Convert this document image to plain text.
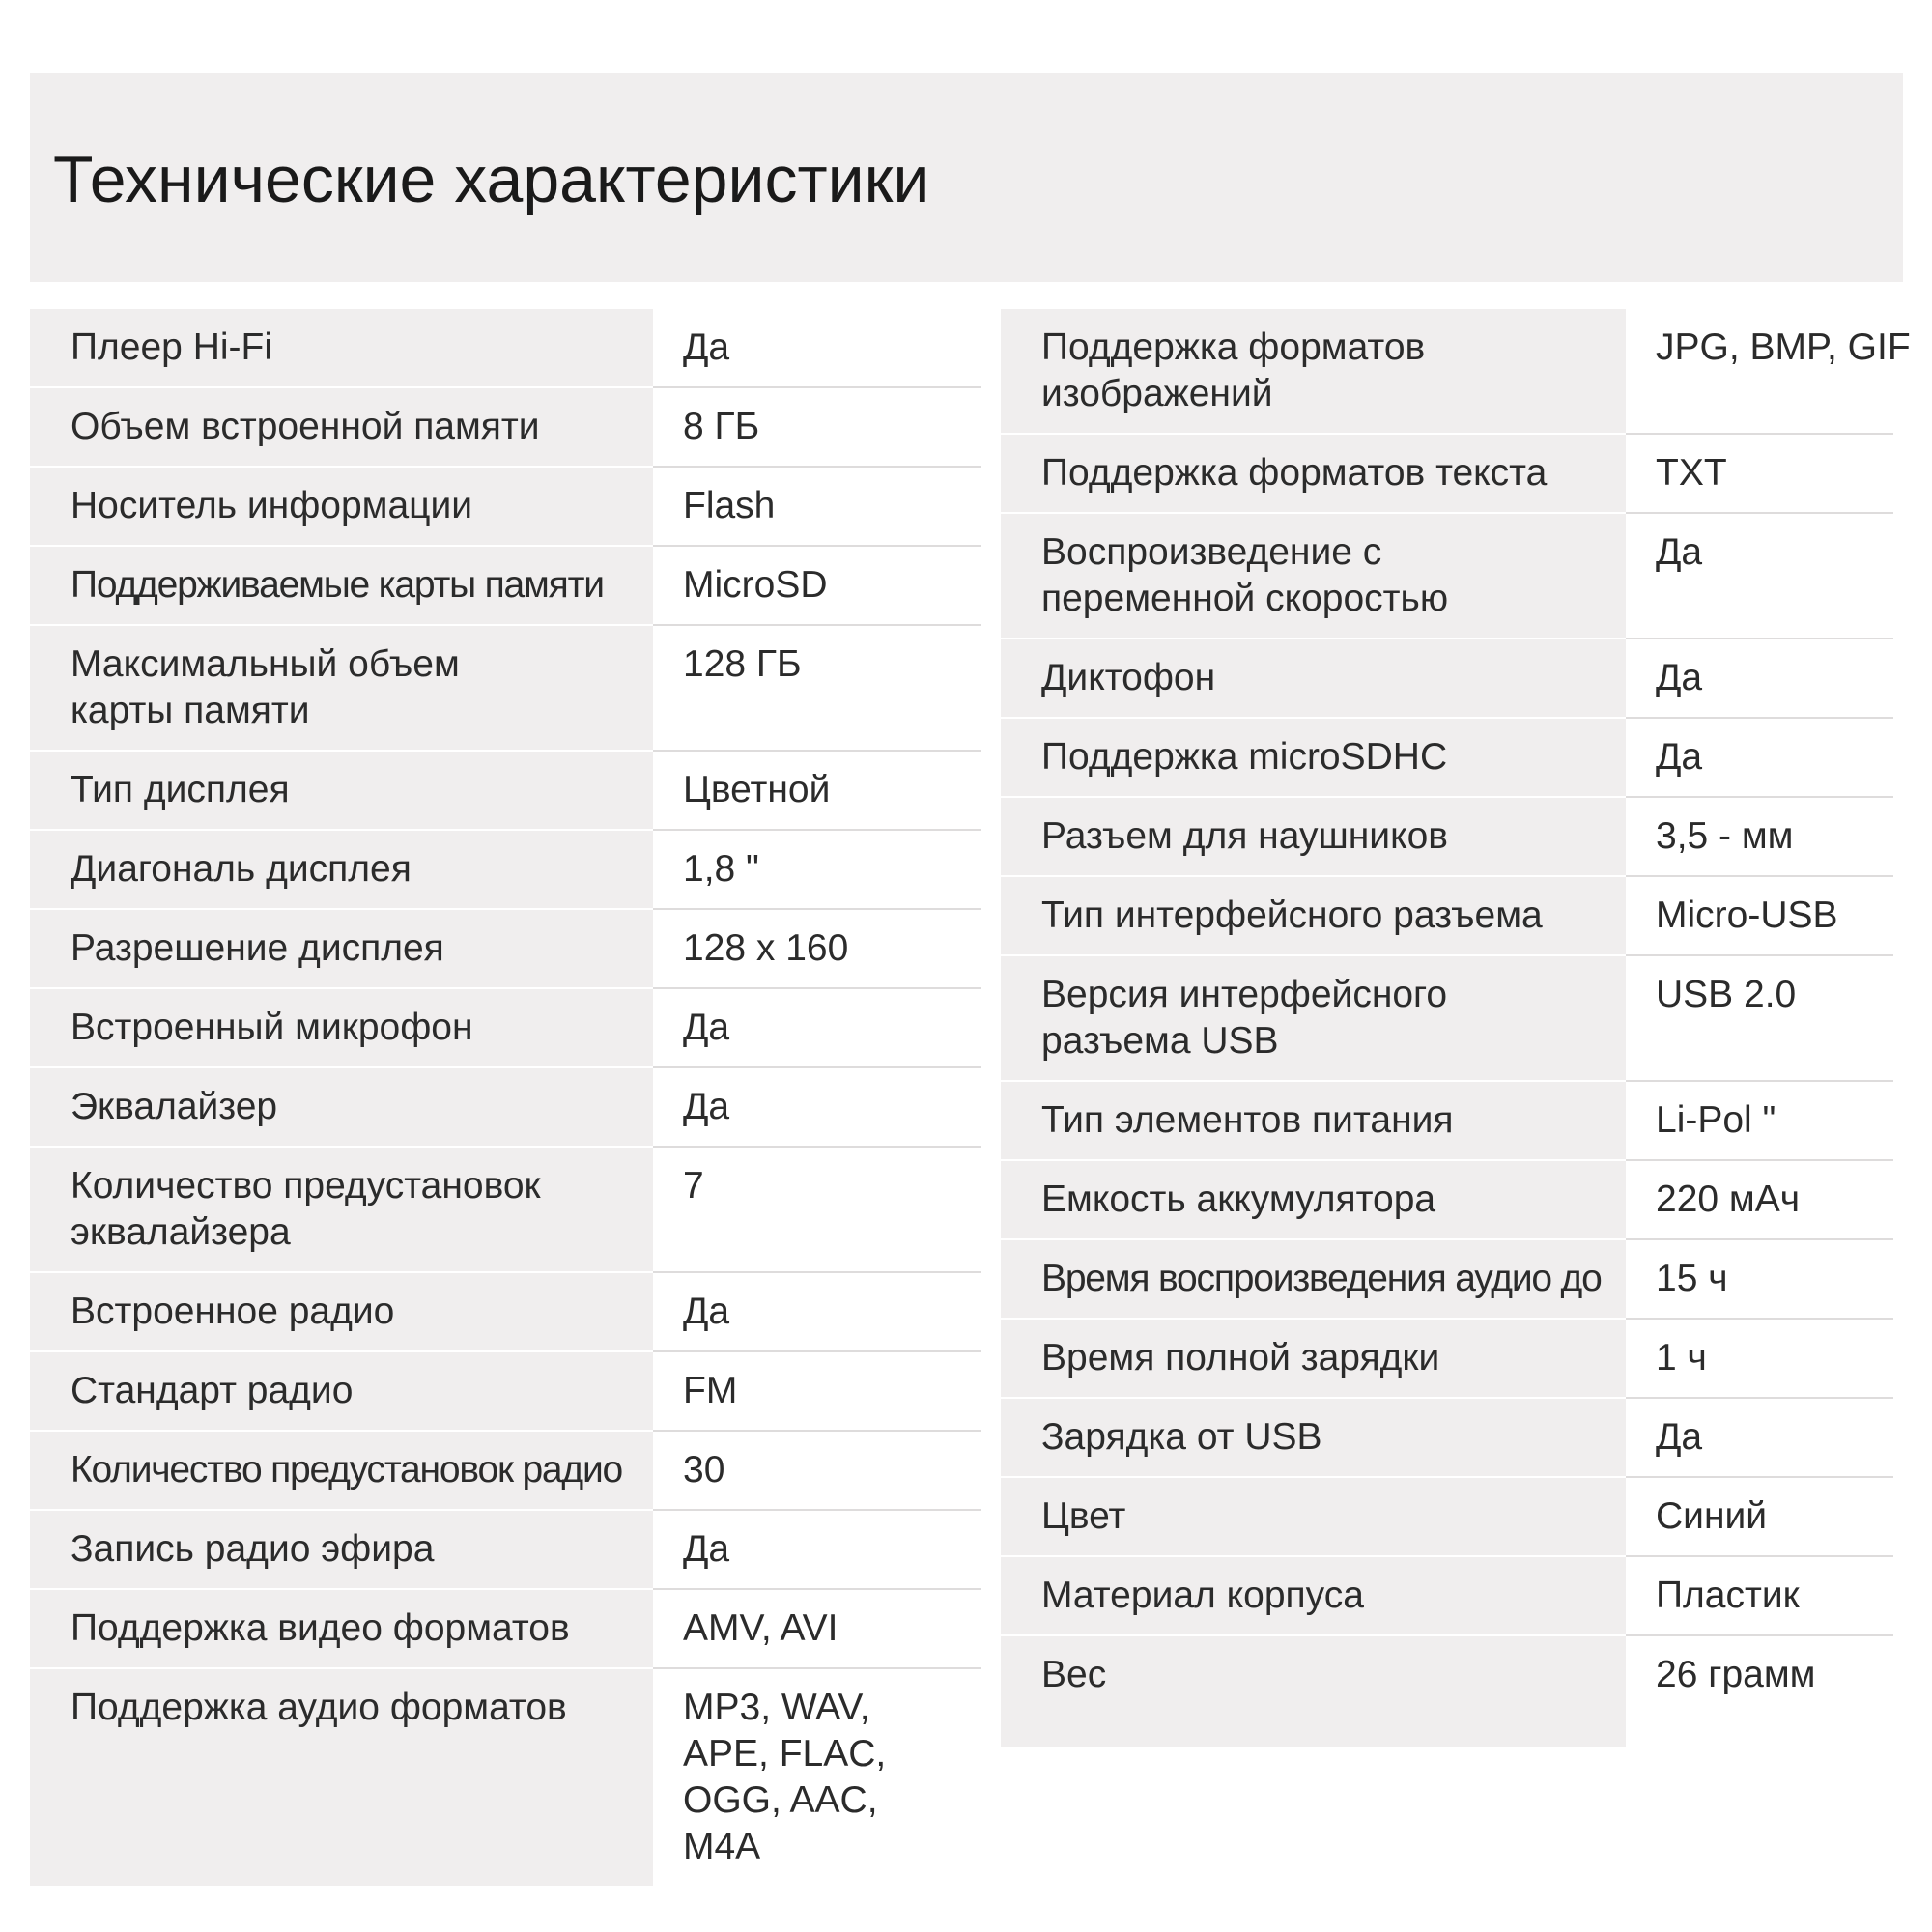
Технические характеристики
Плеер Hi-Fi	Да
Объем встроенной памяти	8 ГБ
Носитель информации	Flash
Поддерживаемые карты памяти	MicroSD
Максимальный объем карты памяти	128 ГБ
Тип дисплея	Цветной
Диагональ дисплея	1,8 "
Разрешение дисплея	128 x 160
Встроенный микрофон	Да
Эквалайзер	Да
Количество предустановок эквалайзера	7
Встроенное радио	Да
Стандарт радио	FM
Количество предустановок радио	30
Запись радио эфира	Да
Поддержка видео форматов	AMV, AVI
Поддержка аудио форматов	MP3, WAV, APE, FLAC, OGG, AAC, M4A
Поддержка форматов изображений	JPG, BMP, GIF
Поддержка форматов текста	TXT
Воспроизведение с переменной скоростью	Да
Диктофон	Да
Поддержка microSDHC	Да
Разъем для наушников	3,5 - мм
Тип интерфейсного разъема	Micro-USB
Версия интерфейсного разъема USB	USB 2.0
Тип элементов питания	Li-Pol "
Емкость аккумулятора	220 мАч
Время воспроизведения аудио до	15 ч
Время полной зарядки	1 ч
Зарядка от USB	Да
Цвет	Синий
Материал корпуса	Пластик
Вес	26 грамм
